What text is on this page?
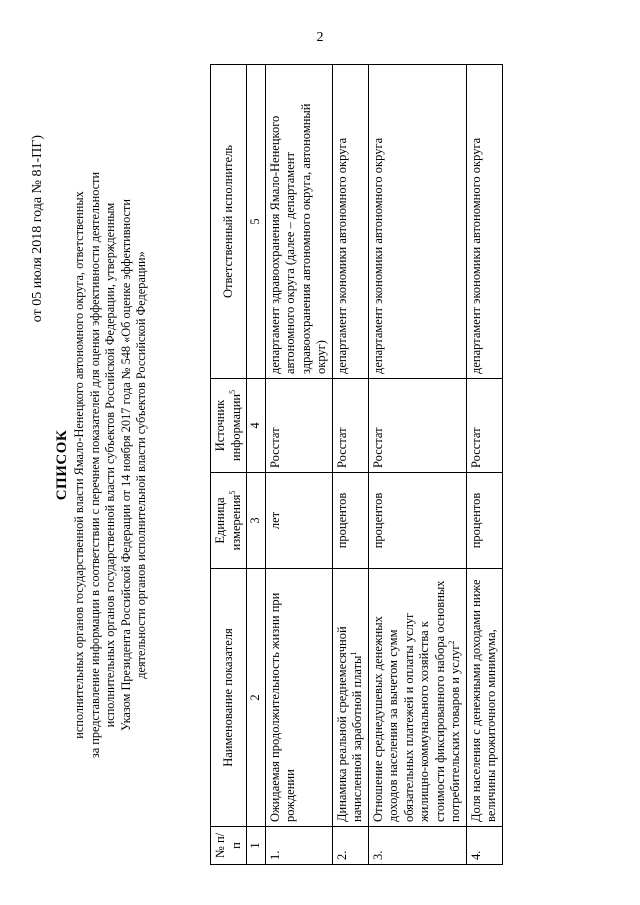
2
от 05 июля 2018 года № 81-ПГ)
СПИСОК исполнительных органов государственной власти Ямало-Ненецкого автономного округа, ответственных за представление информации в соответствии с перечнем показателей для оценки эффективности деятельности исполнительных органов государственной власти субъектов Российской Федерации, утвержденным Указом Президента Российской Федерации от 14 ноября 2017 года № 548 «Об оценке эффективности деятельности органов исполнительной власти субъектов Российской Федерации»
№ п/п	Наименование показателя	Единица измерения$^5$	Источник информации$^5$	Ответственный исполнитель
1	2	3	4	5
1.	Ожидаемая продолжительность жизни при рождении	лет	Росстат	департамент здравоохранения Ямало-Ненецкого автономного округа (далее – департамент здравоохранения автономного округа, автономный округ)
2.	Динамика реальной среднемесячной начисленной заработной платы$^1$	процентов	Росстат	департамент экономики автономного округа
3.	Отношение среднедушевых денежных доходов населения за вычетом сумм обязательных платежей и оплаты услуг жилищно-коммунального хозяйства к стоимости фиксированного набора основных потребительских товаров и услуг$^2$	процентов	Росстат	департамент экономики автономного округа
4.	Доля населения с денежными доходами ниже величины прожиточного минимума,	процентов	Росстат	департамент экономики автономного округа
